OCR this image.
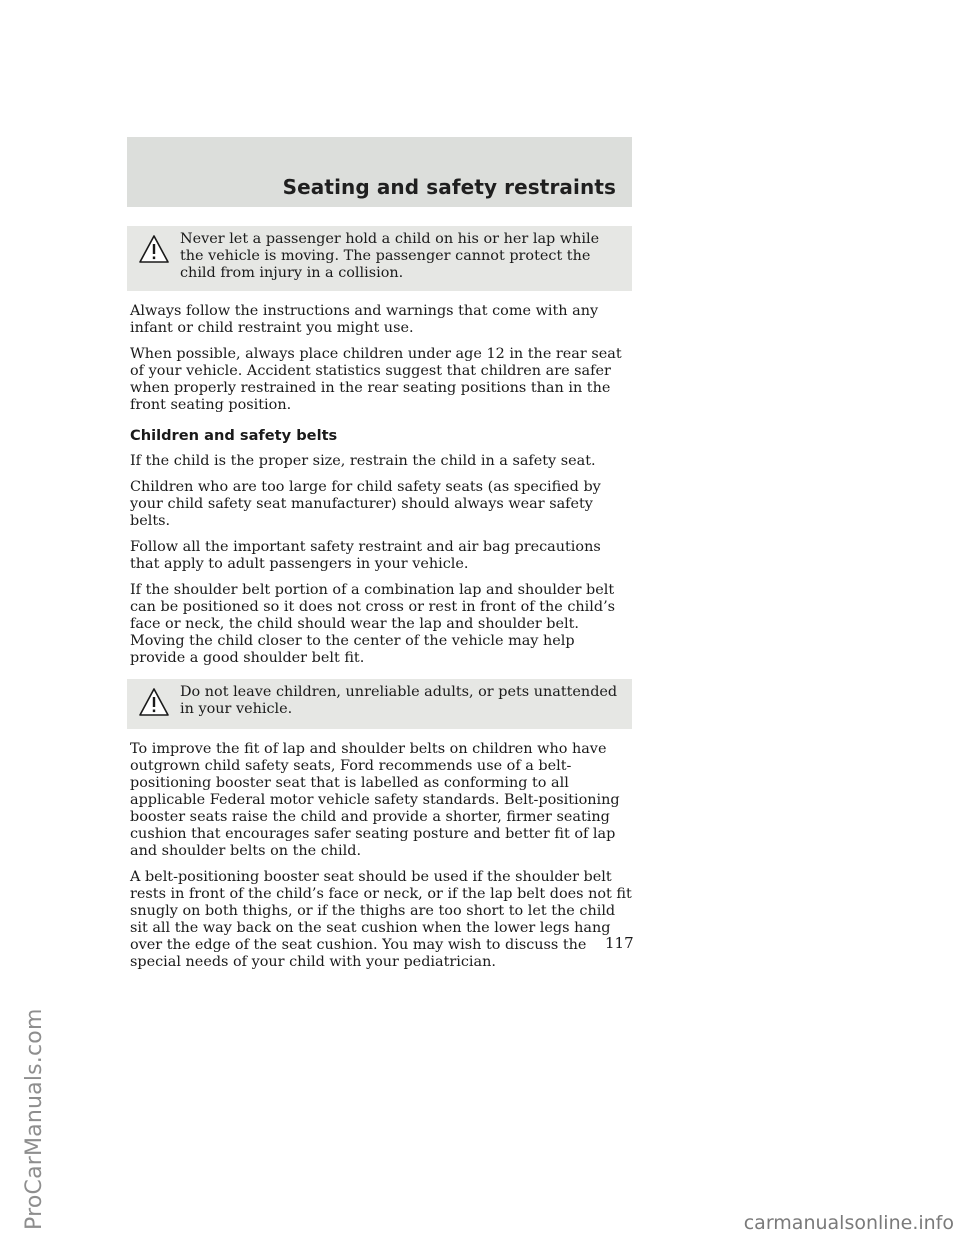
ProCarManuals.com
Seating and safety restraints

Never let a passenger hold a child on his or her lap while the vehicle is moving. The passenger cannot protect the child from injury in a collision.

Always follow the instructions and warnings that come with any infant or child restraint you might use.

When possible, always place children under age 12 in the rear seat of your vehicle. Accident statistics suggest that children are safer when properly restrained in the rear seating positions than in the front seating position.

Children and safety belts

If the child is the proper size, restrain the child in a safety seat.

Children who are too large for child safety seats (as specified by your child safety seat manufacturer) should always wear safety belts.

Follow all the important safety restraint and air bag precautions that apply to adult passengers in your vehicle.

If the shoulder belt portion of a combination lap and shoulder belt can be positioned so it does not cross or rest in front of the child’s face or neck, the child should wear the lap and shoulder belt. Moving the child closer to the center of the vehicle may help provide a good shoulder belt fit.

Do not leave children, unreliable adults, or pets unattended in your vehicle.

To improve the fit of lap and shoulder belts on children who have outgrown child safety seats, Ford recommends use of a belt-positioning booster seat that is labelled as conforming to all applicable Federal motor vehicle safety standards. Belt-positioning booster seats raise the child and provide a shorter, firmer seating cushion that encourages safer seating posture and better fit of lap and shoulder belts on the child.

A belt-positioning booster seat should be used if the shoulder belt rests in front of the child’s face or neck, or if the lap belt does not fit snugly on both thighs, or if the thighs are too short to let the child sit all the way back on the seat cushion when the lower legs hang over the edge of the seat cushion. You may wish to discuss the special needs of your child with your pediatrician.

117
carmanualsonline.info
